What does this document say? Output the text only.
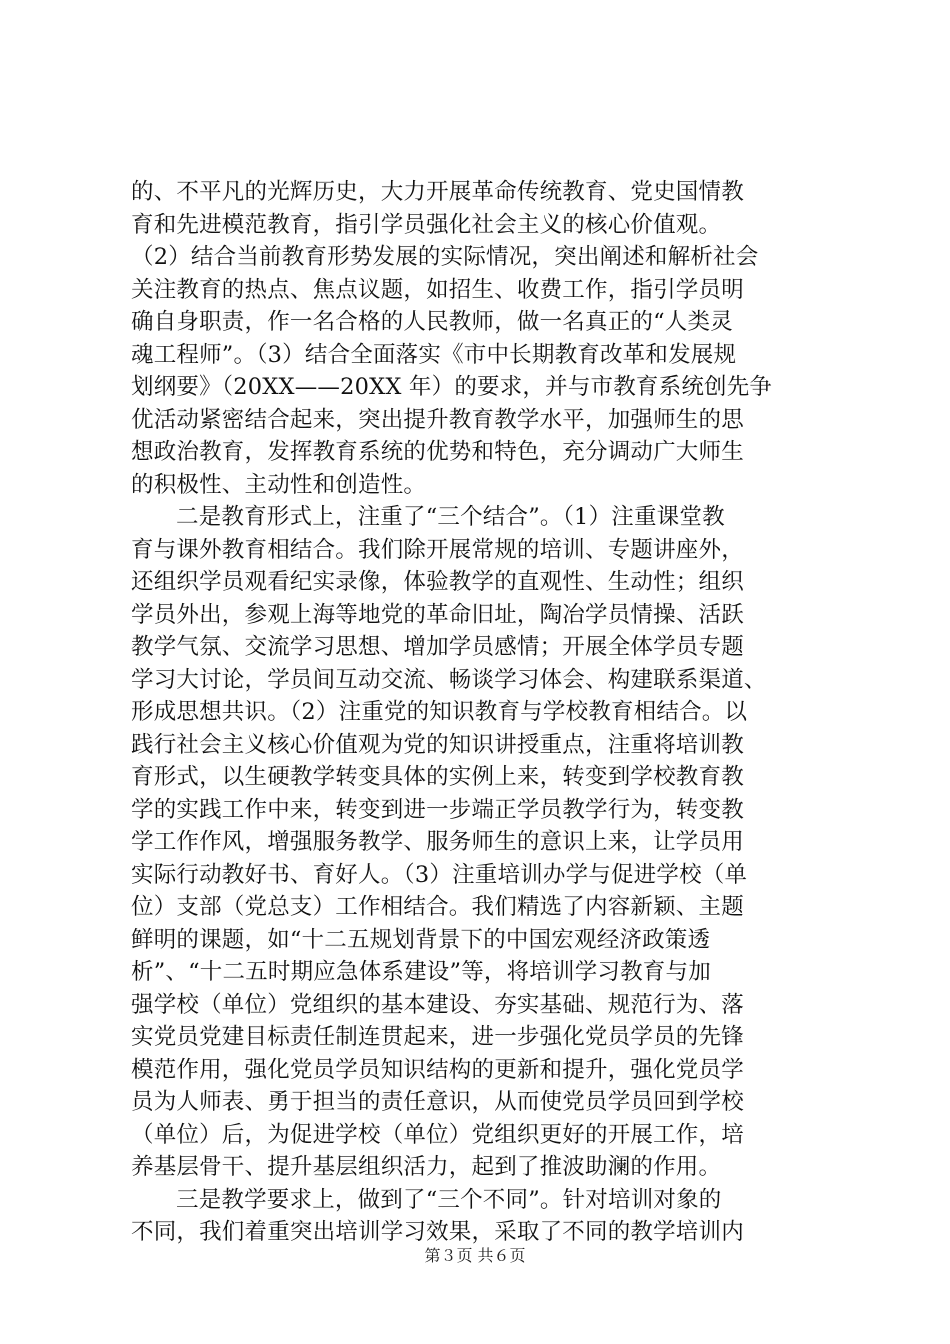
的、不平凡的光辉历史，大力开展革命传统教育、党史国情教
育和先进模范教育，指引学员强化社会主义的核心价值观。
（2）结合当前教育形势发展的实际情况，突出阐述和解析社会
关注教育的热点、焦点议题，如招生、收费工作，指引学员明
确自身职责，作一名合格的人民教师，做一名真正的“人类灵
魂工程师”。（3）结合全面落实《市中长期教育改革和发展规
划纲要》（20XX——20XX 年）的要求，并与市教育系统创先争
优活动紧密结合起来，突出提升教育教学水平，加强师生的思
想政治教育，发挥教育系统的优势和特色，充分调动广大师生
的积极性、主动性和创造性。
二是教育形式上，注重了“三个结合”。（1）注重课堂教
育与课外教育相结合。我们除开展常规的培训、专题讲座外，
还组织学员观看纪实录像，体验教学的直观性、生动性；组织
学员外出，参观上海等地党的革命旧址，陶冶学员情操、活跃
教学气氛、交流学习思想、增加学员感情；开展全体学员专题
学习大讨论，学员间互动交流、畅谈学习体会、构建联系渠道、
形成思想共识。（2）注重党的知识教育与学校教育相结合。以
践行社会主义核心价值观为党的知识讲授重点，注重将培训教
育形式，以生硬教学转变具体的实例上来，转变到学校教育教
学的实践工作中来，转变到进一步端正学员教学行为，转变教
学工作作风，增强服务教学、服务师生的意识上来，让学员用
实际行动教好书、育好人。（3）注重培训办学与促进学校（单
位）支部（党总支）工作相结合。我们精选了内容新颖、主题
鲜明的课题，如“十二五规划背景下的中国宏观经济政策透
析”、“十二五时期应急体系建设”等，将培训学习教育与加
强学校（单位）党组织的基本建设、夯实基础、规范行为、落
实党员党建目标责任制连贯起来，进一步强化党员学员的先锋
模范作用，强化党员学员知识结构的更新和提升，强化党员学
员为人师表、勇于担当的责任意识，从而使党员学员回到学校
（单位）后，为促进学校（单位）党组织更好的开展工作，培
养基层骨干、提升基层组织活力，起到了推波助澜的作用。
三是教学要求上，做到了“三个不同”。针对培训对象的
不同，我们着重突出培训学习效果，采取了不同的教学培训内
第３页 共６页
